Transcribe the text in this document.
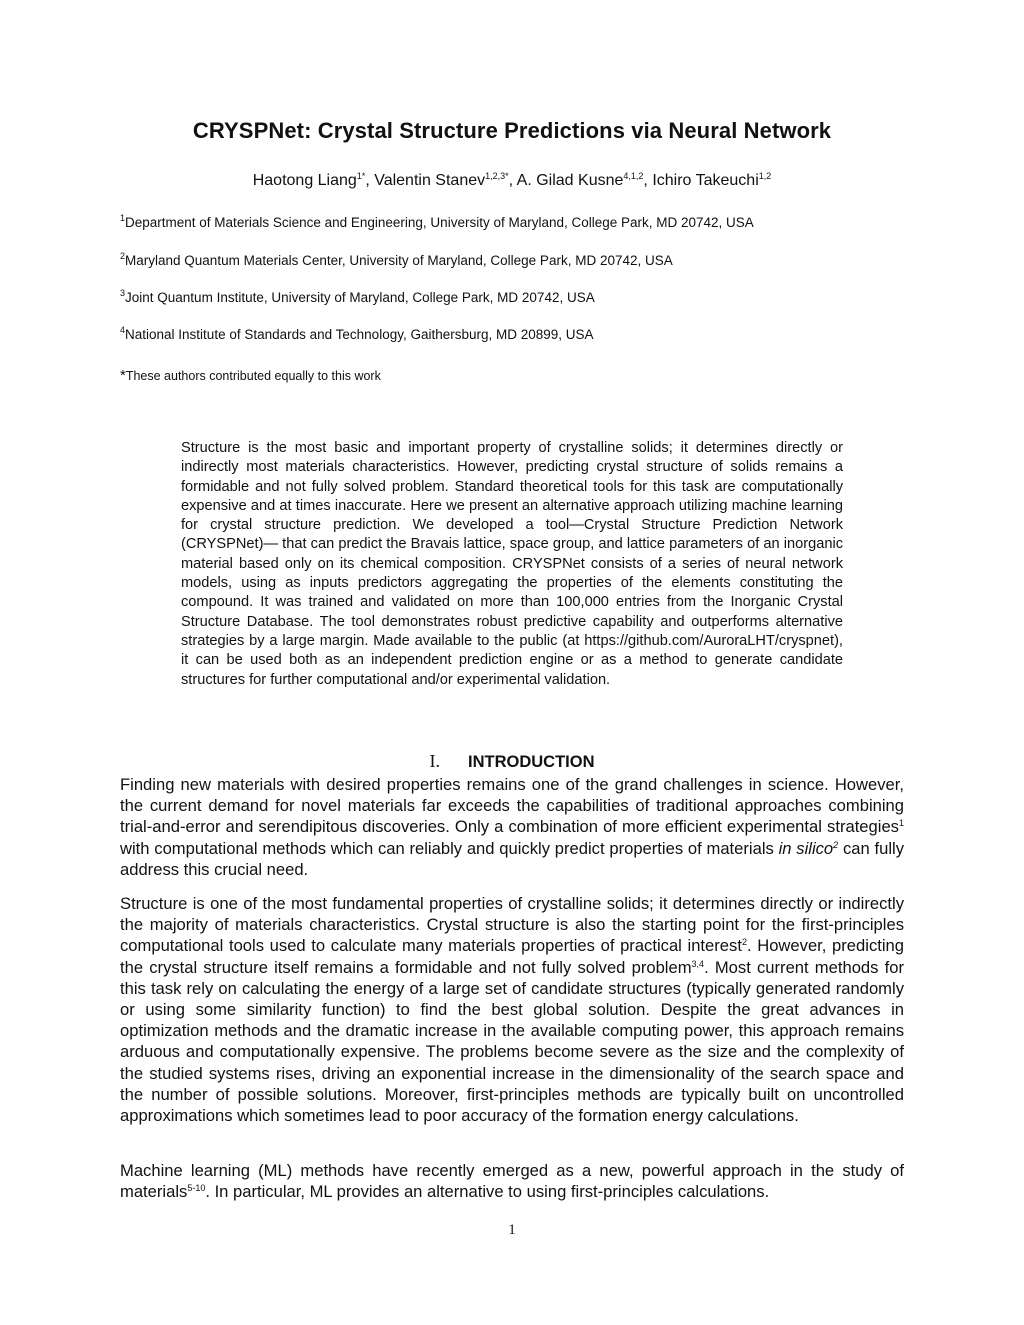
CRYSPNet: Crystal Structure Predictions via Neural Network
Haotong Liang$^{1*}$, Valentin Stanev$^{1,2,3*}$, A. Gilad Kusne$^{4,1,2}$, Ichiro Takeuchi$^{1,2}$
$^1$Department of Materials Science and Engineering, University of Maryland, College Park, MD 20742, USA
$^2$Maryland Quantum Materials Center, University of Maryland, College Park, MD 20742, USA
$^3$Joint Quantum Institute, University of Maryland, College Park, MD 20742, USA
$^4$National Institute of Standards and Technology, Gaithersburg, MD 20899, USA
*These authors contributed equally to this work
Structure is the most basic and important property of crystalline solids; it determines directly or indirectly most materials characteristics. However, predicting crystal structure of solids remains a formidable and not fully solved problem. Standard theoretical tools for this task are computationally expensive and at times inaccurate. Here we present an alternative approach utilizing machine learning for crystal structure prediction. We developed a tool—Crystal Structure Prediction Network (CRYSPNet)— that can predict the Bravais lattice, space group, and lattice parameters of an inorganic material based only on its chemical composition. CRYSPNet consists of a series of neural network models, using as inputs predictors aggregating the properties of the elements constituting the compound. It was trained and validated on more than 100,000 entries from the Inorganic Crystal Structure Database. The tool demonstrates robust predictive capability and outperforms alternative strategies by a large margin. Made available to the public (at https://github.com/AuroraLHT/cryspnet), it can be used both as an independent prediction engine or as a method to generate candidate structures for further computational and/or experimental validation.
I. INTRODUCTION

Finding new materials with desired properties remains one of the grand challenges in science. However, the current demand for novel materials far exceeds the capabilities of traditional approaches combining trial-and-error and serendipitous discoveries. Only a combination of more efficient experimental strategies$^1$ with computational methods which can reliably and quickly predict properties of materials in silico$^2$ can fully address this crucial need.

Structure is one of the most fundamental properties of crystalline solids; it determines directly or indirectly the majority of materials characteristics. Crystal structure is also the starting point for the first-principles computational tools used to calculate many materials properties of practical interest$^2$. However, predicting the crystal structure itself remains a formidable and not fully solved problem$^{3,4}$. Most current methods for this task rely on calculating the energy of a large set of candidate structures (typically generated randomly or using some similarity function) to find the best global solution. Despite the great advances in optimization methods and the dramatic increase in the available computing power, this approach remains arduous and computationally expensive. The problems become severe as the size and the complexity of the studied systems rises, driving an exponential increase in the dimensionality of the search space and the number of possible solutions. Moreover, first-principles methods are typically built on uncontrolled approximations which sometimes lead to poor accuracy of the formation energy calculations.

Machine learning (ML) methods have recently emerged as a new, powerful approach in the study of materials$^{5-10}$. In particular, ML provides an alternative to using first-principles calculations.

1
